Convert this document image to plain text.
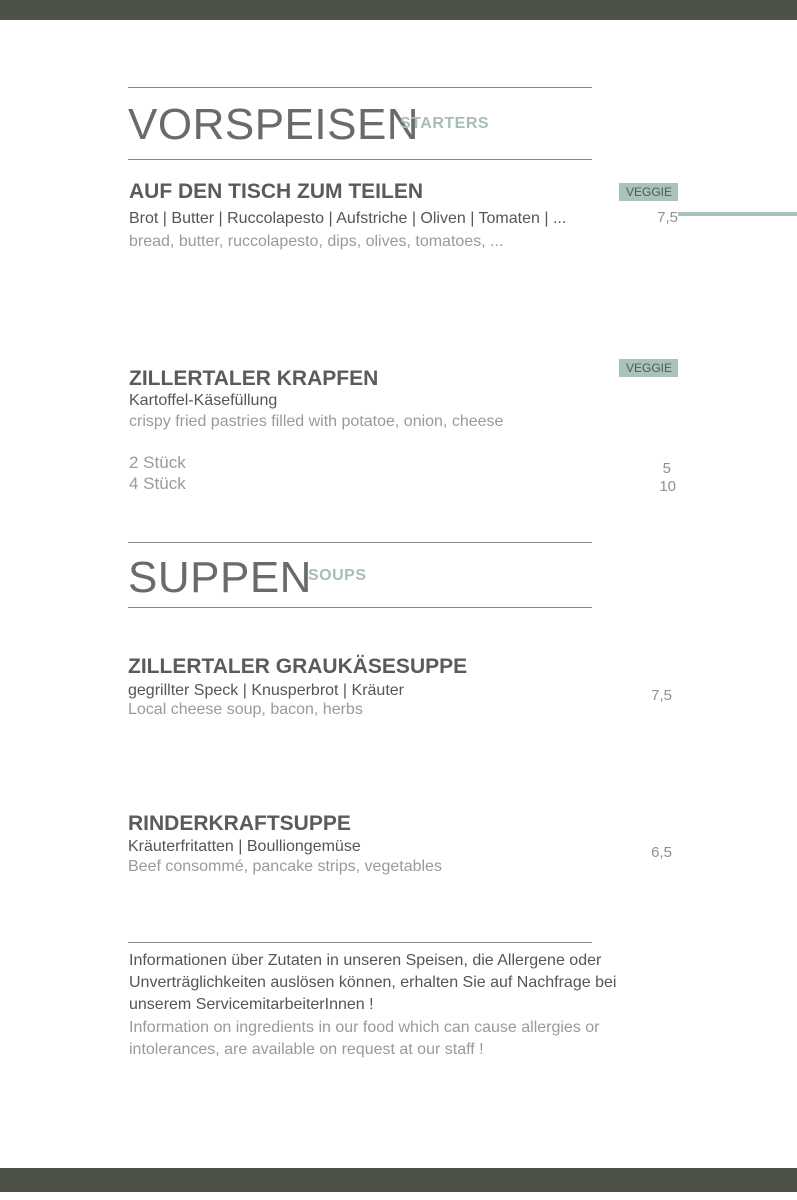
VORSPEISEN
STARTERS
AUF DEN TISCH ZUM TEILEN	VEGGIE
Brot | Butter | Ruccolapesto | Aufstriche | Oliven | Tomaten | ...	7,5
bread, butter, ruccolapesto, dips, olives, tomatoes, ...
VEGGIE
ZILLERTALER KRAPFEN
Kartoffel-Käsefüllung
crispy fried pastries filled with potatoe, onion, cheese
2 Stück	5
4 Stück	10
SUPPEN
SOUPS
ZILLERTALER GRAUKÄSESUPPE
gegrillter Speck | Knusperbrot | Kräuter	7,5
Local cheese soup, bacon, herbs
RINDERKRAFTSUPPE
Kräuterfritatten | Boulliongemüse	6,5
Beef consommé, pancake strips, vegetables
Informationen über Zutaten in unseren Speisen, die Allergene oder Unverträglichkeiten auslösen können, erhalten Sie auf Nachfrage bei unserem ServicemitarbeiterInnen !
Information on ingredients in our food which can cause allergies or intolerances, are available on request at our staff !
